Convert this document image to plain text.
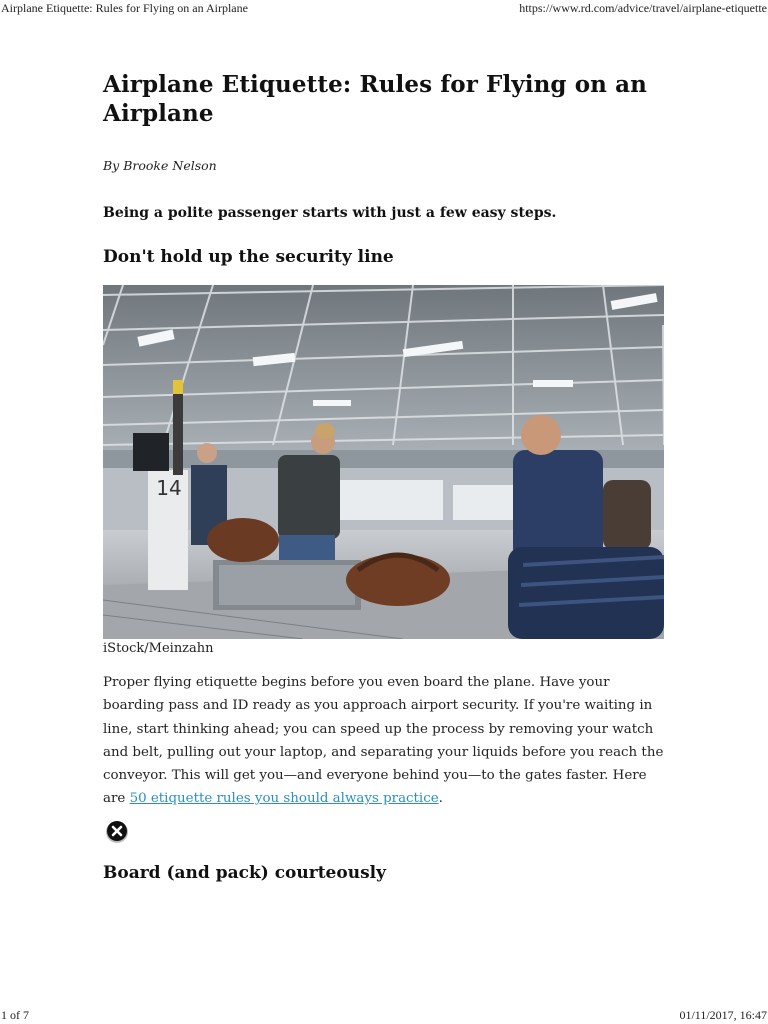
Airplane Etiquette: Rules for Flying on an Airplane	https://www.rd.com/advice/travel/airplane-etiquette
Airplane Etiquette: Rules for Flying on an Airplane
By Brooke Nelson
Being a polite passenger starts with just a few easy steps.
Don't hold up the security line
14
iStock/Meinzahn

Proper flying etiquette begins before you even board the plane. Have your boarding pass and ID ready as you approach airport security. If you're waiting in line, start thinking ahead; you can speed up the process by removing your watch and belt, pulling out your laptop, and separating your liquids before you reach the conveyor. This will get you—and everyone behind you—to the gates faster. Here are 50 etiquette rules you should always practice.

Board (and pack) courteously
1 of 7	01/11/2017, 16:47
